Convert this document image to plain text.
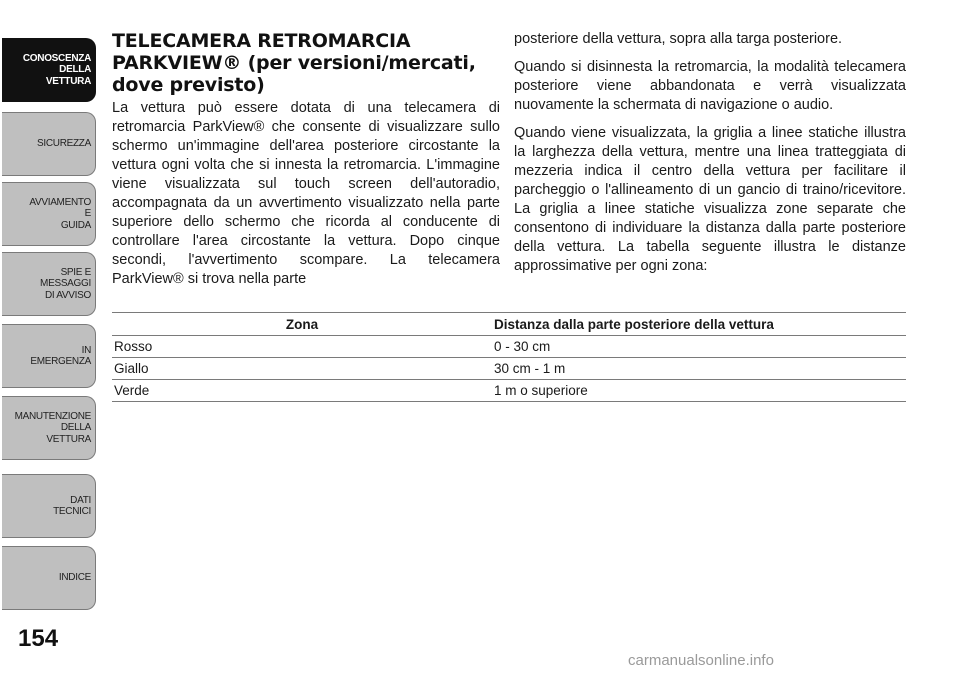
CONOSCENZA
DELLA
VETTURA
SICUREZZA
AVVIAMENTO
E
GUIDA
SPIE E
MESSAGGI
DI AVVISO
IN
EMERGENZA
MANUTENZIONE
DELLA
VETTURA
DATI
TECNICI
INDICE
154
TELECAMERA RETROMARCIA PARKVIEW® (per versioni/mercati, dove previsto)

La vettura può essere dotata di una telecamera di retromarcia ParkView® che consente di visualizzare sullo schermo un'immagine dell'area posteriore circostante la vettura ogni volta che si innesta la retromarcia. L'immagine viene visualizzata sul touch screen dell'autoradio, accompagnata da un avvertimento visualizzato nella parte superiore dello schermo che ricorda al conducente di controllare l'area circostante la vettura. Dopo cinque secondi, l'avvertimento scomparе. La telecamera ParkView® si trova nella parte

posteriore della vettura, sopra alla targa posteriore.

Quando si disinnesta la retromarcia, la modalità telecamera posteriore viene abbandonata e verrà visualizzata nuovamente la schermata di navigazione o audio.

Quando viene visualizzata, la griglia a linee statiche illustra la larghezza della vettura, mentre una linea tratteggiata di mezzeria indica il centro della vettura per facilitare il parcheggio o l'allineamento di un gancio di traino/ricevitore. La griglia a linee statiche visualizza zone separate che consentono di individuare la distanza dalla parte posteriore della vettura. La tabella seguente illustra le distanze approssimative per ogni zona:

Zona	Distanza dalla parte posteriore della vettura
Rosso	0 - 30 cm
Giallo	30 cm - 1 m
Verde	1 m o superiore
carmanualsonline.info
